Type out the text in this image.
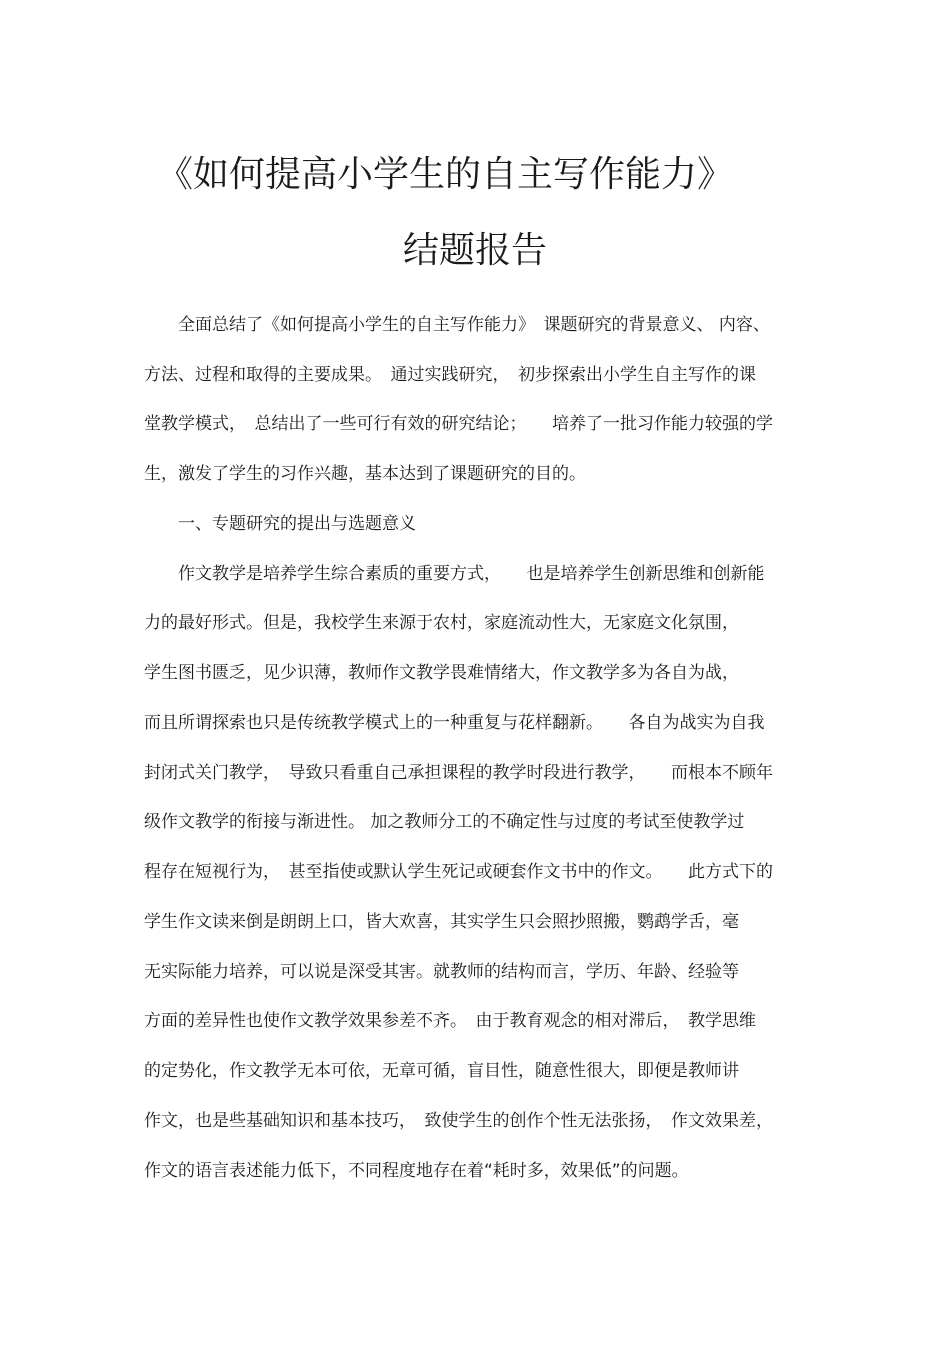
《如何提高小学生的自主写作能力》
结题报告

　　全面总结了《如何提高小学生的自主写作能力》　课题研究的背景意义、 内容、

方法、过程和取得的主要成果。　通过实践研究，　初步探索出小学生自主写作的课

堂教学模式，　总结出了一些可行有效的研究结论；　　培养了一批习作能力较强的学

生，激发了学生的习作兴趣，基本达到了课题研究的目的。

　　一、专题研究的提出与选题意义

　　作文教学是培养学生综合素质的重要方式，　　也是培养学生创新思维和创新能

力的最好形式。但是，我校学生来源于农村，家庭流动性大，无家庭文化氛围，

学生图书匮乏，见少识薄，教师作文教学畏难情绪大，作文教学多为各自为战，

而且所谓探索也只是传统教学模式上的一种重复与花样翻新。　　各自为战实为自我

封闭式关门教学，　导致只看重自己承担课程的教学时段进行教学，　　而根本不顾年

级作文教学的衔接与渐进性。 加之教师分工的不确定性与过度的考试至使教学过

程存在短视行为，　甚至指使或默认学生死记或硬套作文书中的作文。　　此方式下的

学生作文读来倒是朗朗上口，皆大欢喜，其实学生只会照抄照搬，鹦鹉学舌，毫

无实际能力培养，可以说是深受其害。就教师的结构而言，学历、年龄、经验等

方面的差异性也使作文教学效果参差不齐。　由于教育观念的相对滞后，　教学思维

的定势化，作文教学无本可依，无章可循，盲目性，随意性很大，即便是教师讲

作文，也是些基础知识和基本技巧，　致使学生的创作个性无法张扬，　作文效果差，

作文的语言表述能力低下，不同程度地存在着“耗时多，效果低”的问题。
